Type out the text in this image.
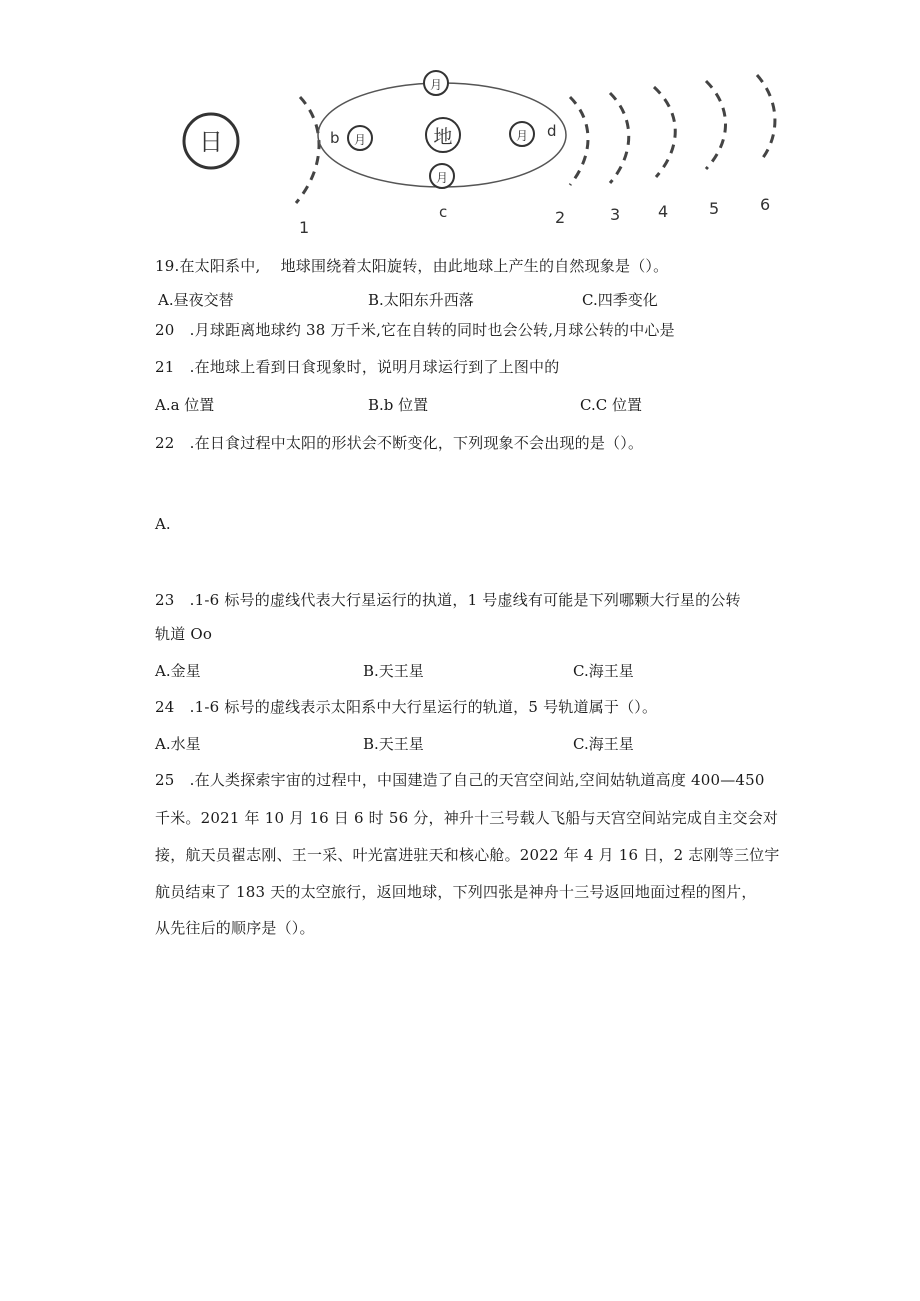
日
1
地
月
月
月
月
b
c
d
2	3 4	5	6
19.在太阳系中,　 地球围绕着太阳旋转，由此地球上产生的自然现象是（）。
A.昼夜交替	B.太阳东升西落	C.四季变化
20　.月球距离地球约 38 万千米,它在自转的同时也会公转,月球公转的中心是
21　.在地球上看到日食现象时，说明月球运行到了上图中的
A.a 位置	B.b 位置	C.C 位置
22　.在日食过程中太阳的形状会不断变化，下列现象不会出现的是（）。
A.
23　.1-6 标号的虚线代表大行星运行的执道，1 号虚线有可能是下列哪颗大行星的公转
轨道 Oo
A.金星	B.天王星	C.海王星
24　.1-6 标号的虚线表示太阳系中大行星运行的轨道，5 号轨道属于（）。
A.水星	B.天王星	C.海王星
25　.在人类探索宇宙的过程中，中国建造了自己的天宫空间站,空间姑轨道高度 400—450
千米。2021 年 10 月 16 日 6 时 56 分，神升十三号载人飞船与天宫空间站完成自主交会对
接，航天员翟志刚、王一采、叶光富进驻天和核心舱。2022 年 4 月 16 日，2 志刚等三位宇
航员结束了 183 天的太空旅行，返回地球，下列四张是神舟十三号返回地面过程的图片，
从先往后的顺序是（）。
